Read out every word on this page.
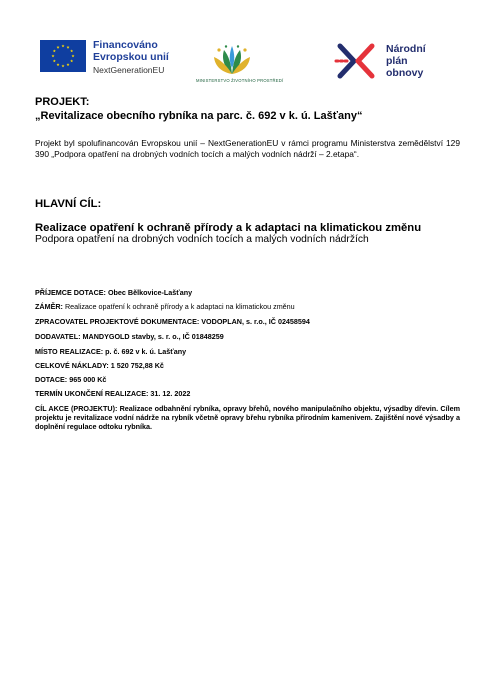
Financováno
Evropskou unií
NextGenerationEU
MINISTERSTVO ŽIVOTNÍHO PROSTŘEDÍ
Národní
plán
obnovy

PROJEKT:

„Revitalizace obecního rybníka na parc. č. 692 v k. ú. Lašťany“

Projekt byl spolufinancován Evropskou unií – NextGenerationEU v rámci programu Ministerstva zemědělství 129 390 „Podpora opatření na drobných vodních tocích a malých vodních nádrží – 2.etapa“.

HLAVNÍ CÍL:

Realizace opatření k ochraně přírody a k adaptaci na klimatickou změnu

Podpora opatření na drobných vodních tocích a malých vodních nádržích

PŘÍJEMCE DOTACE: Obec Bělkovice-Lašťany

ZÁMĚR: Realizace opatření k ochraně přírody a k adaptaci na klimatickou změnu

ZPRACOVATEL PROJEKTOVÉ DOKUMENTACE: VODOPLAN, s. r.o., IČ 02458594

DODAVATEL: MANDYGOLD stavby, s. r. o., IČ 01848259

MÍSTO REALIZACE: p. č. 692 v k. ú. Lašťany

CELKOVÉ NÁKLADY: 1 520 752,88 Kč

DOTACE: 965 000 Kč

TERMÍN UKONČENÍ REALIZACE: 31. 12. 2022

CÍL AKCE (PROJEKTU): Realizace odbahnění rybníka, opravy břehů, nového manipulačního objektu, výsadby dřevin. Cílem projektu je revitalizace vodní nádrže na rybník včetně opravy břehu rybníka přírodním kamenivem. Zajištění nové výsadby a doplnění regulace odtoku rybníka.
